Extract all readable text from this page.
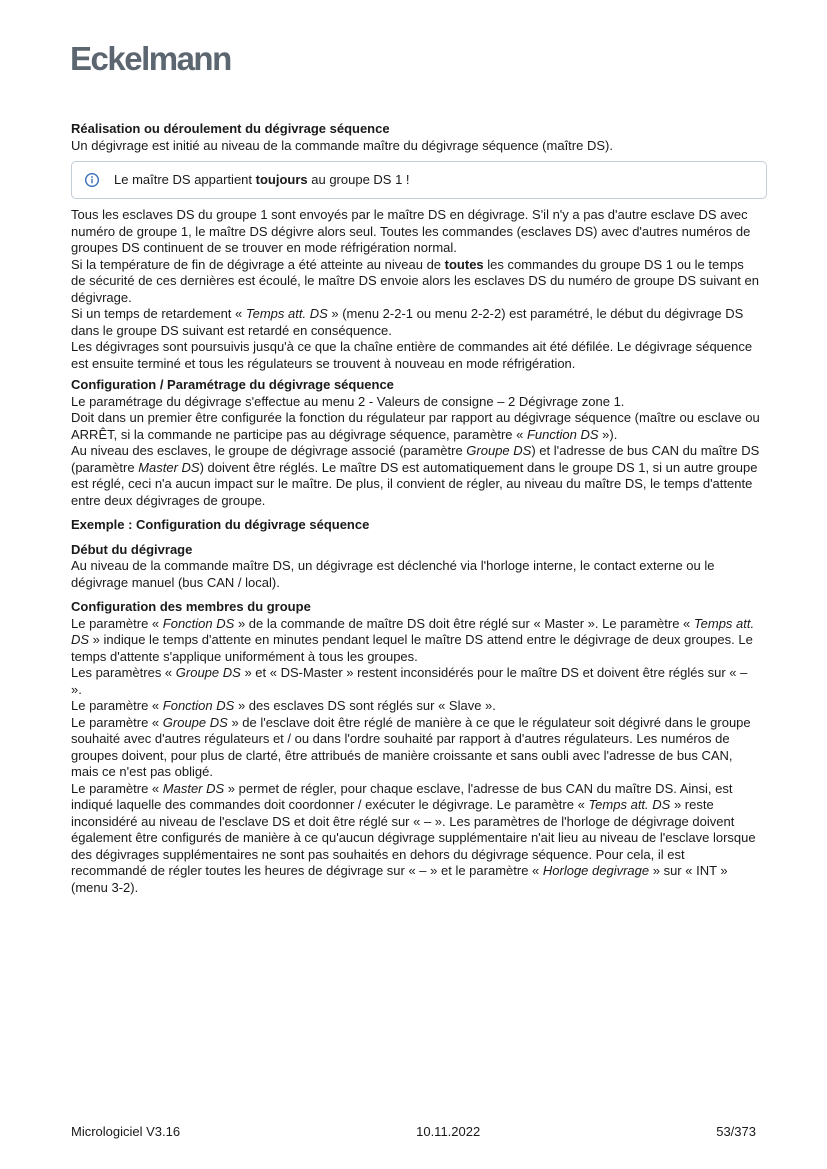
Eckelmann

Réalisation ou déroulement du dégivrage séquence

Un dégivrage est initié au niveau de la commande maître du dégivrage séquence (maître DS).

Le maître DS appartient toujours au groupe DS 1 !

Tous les esclaves DS du groupe 1 sont envoyés par le maître DS en dégivrage. S'il n'y a pas d'autre esclave DS avec numéro de groupe 1, le maître DS dégivre alors seul. Toutes les commandes (esclaves DS) avec d'autres numéros de groupes DS continuent de se trouver en mode réfrigération normal.

Si la température de fin de dégivrage a été atteinte au niveau de toutes les commandes du groupe DS 1 ou le temps de sécurité de ces dernières est écoulé, le maître DS envoie alors les esclaves DS du numéro de groupe DS suivant en dégivrage.

Si un temps de retardement « Temps att. DS » (menu 2-2-1 ou menu 2-2-2) est paramétré, le début du dégivrage DS dans le groupe DS suivant est retardé en conséquence.

Les dégivrages sont poursuivis jusqu'à ce que la chaîne entière de commandes ait été défilée. Le dégivrage séquence est ensuite terminé et tous les régulateurs se trouvent à nouveau en mode réfrigération.

Configuration / Paramétrage du dégivrage séquence

Le paramétrage du dégivrage s'effectue au menu 2 - Valeurs de consigne – 2 Dégivrage zone 1.

Doit dans un premier être configurée la fonction du régulateur par rapport au dégivrage séquence (maître ou esclave ou ARRÊT, si la commande ne participe pas au dégivrage séquence, paramètre « Function DS »).

Au niveau des esclaves, le groupe de dégivrage associé (paramètre Groupe DS) et l'adresse de bus CAN du maître DS (paramètre Master DS) doivent être réglés. Le maître DS est automatiquement dans le groupe DS 1, si un autre groupe est réglé, ceci n'a aucun impact sur le maître. De plus, il convient de régler, au niveau du maître DS, le temps d'attente entre deux dégivrages de groupe.

Exemple : Configuration du dégivrage séquence

Début du dégivrage

Au niveau de la commande maître DS, un dégivrage est déclenché via l'horloge interne, le contact externe ou le dégivrage manuel (bus CAN / local).

Configuration des membres du groupe

Le paramètre « Fonction DS » de la commande de maître DS doit être réglé sur « Master ». Le paramètre « Temps att. DS » indique le temps d'attente en minutes pendant lequel le maître DS attend entre le dégivrage de deux groupes. Le temps d'attente s'applique uniformément à tous les groupes.

Les paramètres « Groupe DS » et « DS-Master » restent inconsidérés pour le maître DS et doivent être réglés sur « – ».

Le paramètre « Fonction DS » des esclaves DS sont réglés sur « Slave ».

Le paramètre « Groupe DS » de l'esclave doit être réglé de manière à ce que le régulateur soit dégivré dans le groupe souhaité avec d'autres régulateurs et / ou dans l'ordre souhaité par rapport à d'autres régulateurs. Les numéros de groupes doivent, pour plus de clarté, être attribués de manière croissante et sans oubli avec l'adresse de bus CAN, mais ce n'est pas obligé.

Le paramètre « Master DS » permet de régler, pour chaque esclave, l'adresse de bus CAN du maître DS. Ainsi, est indiqué laquelle des commandes doit coordonner / exécuter le dégivrage. Le paramètre « Temps att. DS » reste inconsidéré au niveau de l'esclave DS et doit être réglé sur « – ». Les paramètres de l'horloge de dégivrage doivent également être configurés de manière à ce qu'aucun dégivrage supplémentaire n'ait lieu au niveau de l'esclave lorsque des dégivrages supplémentaires ne sont pas souhaités en dehors du dégivrage séquence. Pour cela, il est recommandé de régler toutes les heures de dégivrage sur « – » et le paramètre « Horloge degivrage » sur « INT » (menu 3-2).

Micrologiciel V3.16	10.11.2022	53/373
